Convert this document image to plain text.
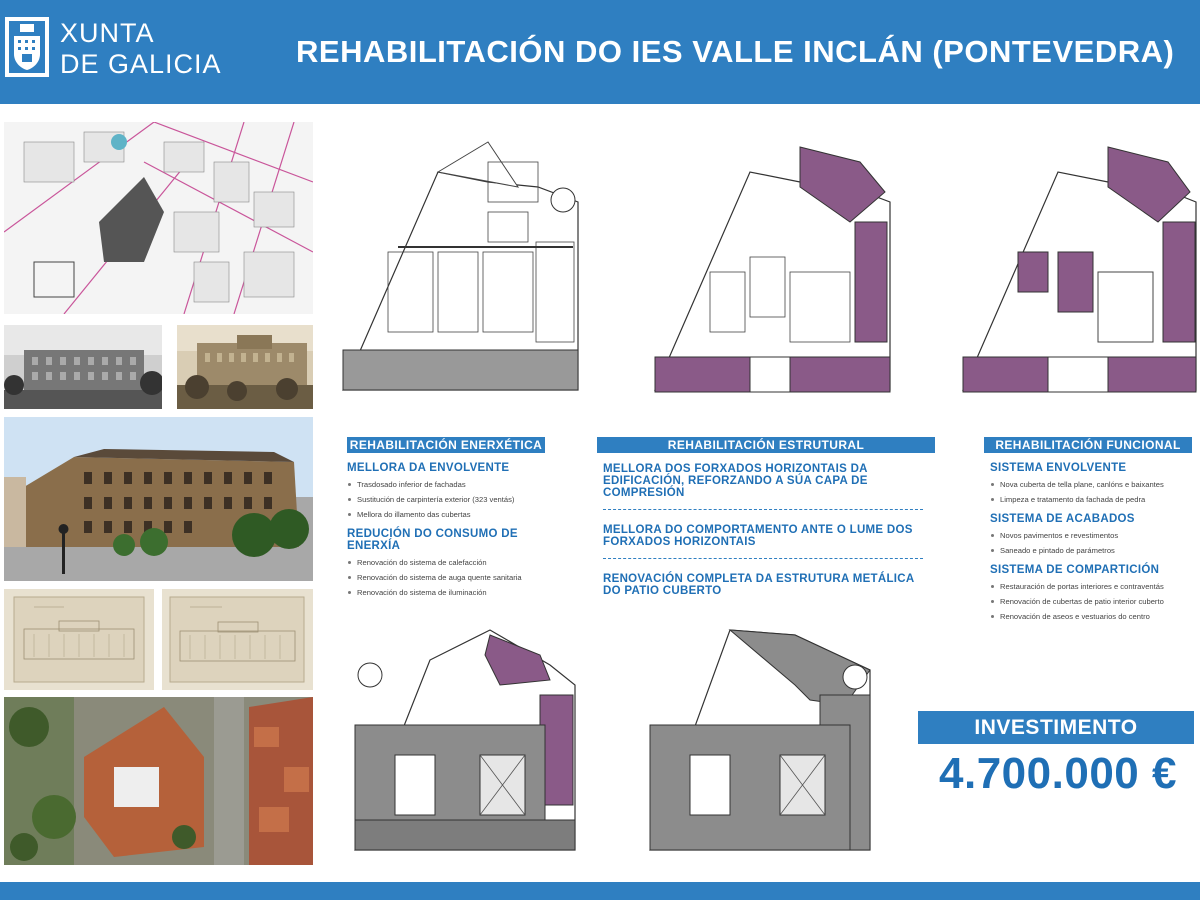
XUNTA
DE GALICIA REHABILITACIÓN DO IES VALLE INCLÁN (PONTEVEDRA)
REHABILITACIÓN ENERXÉTICA
MELLORA DA ENVOLVENTE
Trasdosado inferior de fachadas
Sustitución de carpintería exterior (323 ventás)
Mellora do illamento das cubertas
REDUCIÓN DO CONSUMO DE ENERXÍA
Renovación do sistema de calefacción
Renovación do sistema de auga quente sanitaria
Renovación do sistema de iluminación
REHABILITACIÓN ESTRUTURAL
MELLORA DOS FORXADOS HORIZONTAIS DA EDIFICACIÓN, REFORZANDO A SÚA CAPA DE COMPRESIÓN
MELLORA DO COMPORTAMENTO ANTE O LUME DOS FORXADOS HORIZONTAIS
RENOVACIÓN COMPLETA DA ESTRUTURA METÁLICA DO PATIO CUBERTO
REHABILITACIÓN FUNCIONAL
SISTEMA ENVOLVENTE
Nova cuberta de tella plane, canlóns e baixantes
Limpeza e tratamento da fachada de pedra
SISTEMA DE ACABADOS
Novos pavimentos e revestimentos
Saneado e pintado de parámetros
SISTEMA DE COMPARTICIÓN
Restauración de portas interiores e contraventás
Renovación de cubertas de patio interior cuberto
Renovación de aseos e vestuarios do centro
INVESTIMENTO
4.700.000 €
